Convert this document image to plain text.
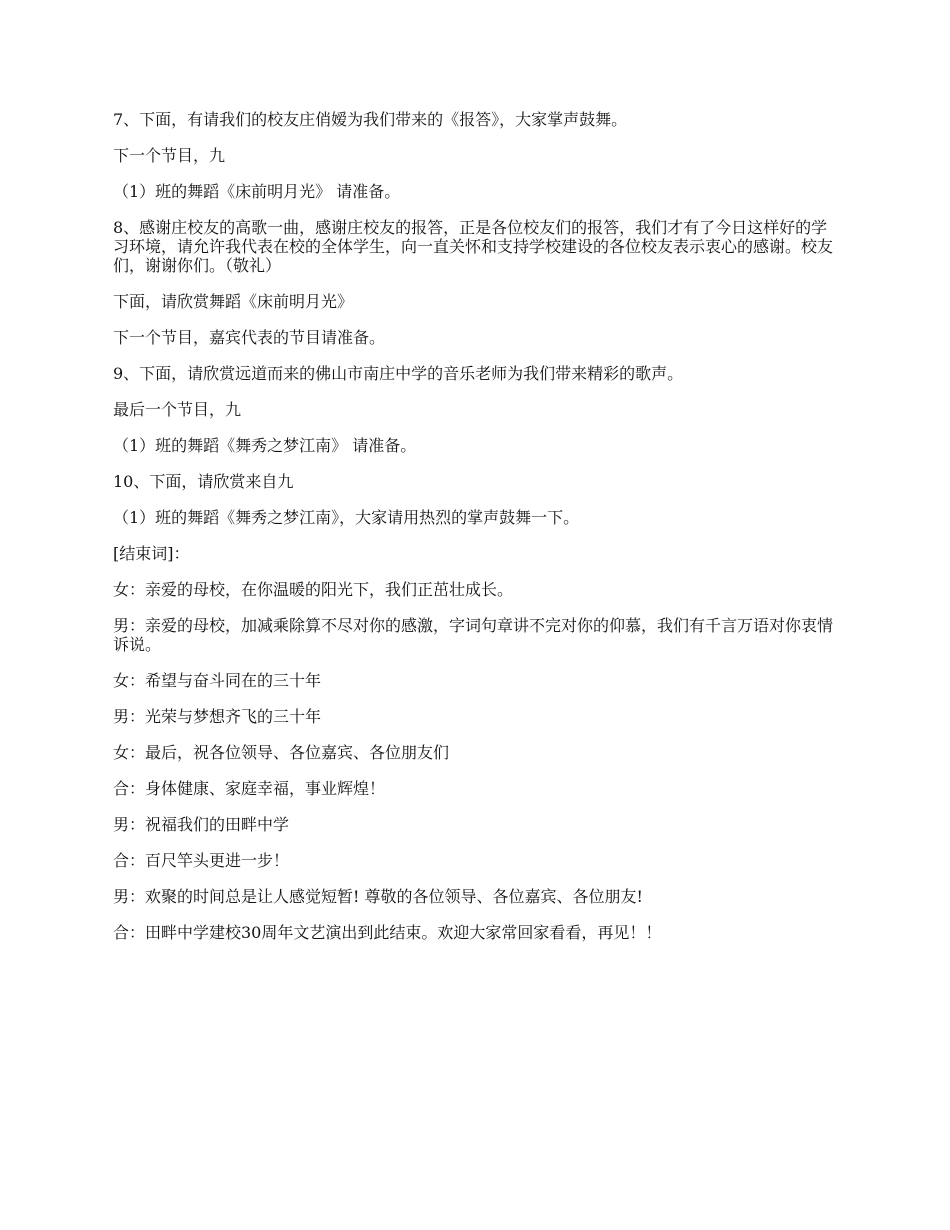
7、下面，有请我们的校友庄俏嫒为我们带来的《报答》，大家掌声鼓舞。

下一个节目，九

（1）班的舞蹈《床前明月光》 请准备。

8、感谢庄校友的高歌一曲，感谢庄校友的报答，正是各位校友们的报答，我们才有了今日这样好的学习环境，请允许我代表在校的全体学生，向一直关怀和支持学校建设的各位校友表示衷心的感谢。校友们，谢谢你们。（敬礼）

下面，请欣赏舞蹈《床前明月光》

下一个节目，嘉宾代表的节目请准备。

9、下面，请欣赏远道而来的佛山市南庄中学的音乐老师为我们带来精彩的歌声。

最后一个节目，九

（1）班的舞蹈《舞秀之梦江南》 请准备。

10、下面，请欣赏来自九

（1）班的舞蹈《舞秀之梦江南》，大家请用热烈的掌声鼓舞一下。

[结束词]：

女：亲爱的母校，在你温暖的阳光下，我们正茁壮成长。

男：亲爱的母校，加减乘除算不尽对你的感激，字词句章讲不完对你的仰慕，我们有千言万语对你衷情诉说。

女：希望与奋斗同在的三十年

男：光荣与梦想齐飞的三十年

女：最后，祝各位领导、各位嘉宾、各位朋友们

合：身体健康、家庭幸福，事业辉煌！

男：祝福我们的田畔中学

合：百尺竿头更进一步！

男：欢聚的时间总是让人感觉短暂! 尊敬的各位领导、各位嘉宾、各位朋友!

合：田畔中学建校30周年文艺演出到此结束。欢迎大家常回家看看，再见！！
